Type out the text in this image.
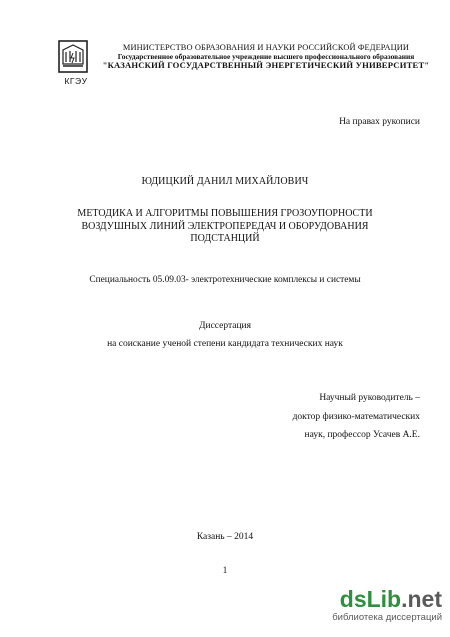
КГЭУ
МИНИСТЕРСТВО ОБРАЗОВАНИЯ И НАУКИ РОССИЙСКОЙ ФЕДЕРАЦИИ
Государственное образовательное учреждение высшего профессионального образования
"КАЗАНСКИЙ ГОСУДАРСТВЕННЫЙ ЭНЕРГЕТИЧЕСКИЙ УНИВЕРСИТЕТ"
На правах рукописи
ЮДИЦКИЙ ДАНИЛ МИХАЙЛОВИЧ
МЕТОДИКА И АЛГОРИТМЫ ПОВЫШЕНИЯ ГРОЗОУПОРНОСТИ
ВОЗДУШНЫХ ЛИНИЙ ЭЛЕКТРОПЕРЕДАЧ И ОБОРУДОВАНИЯ
ПОДСТАНЦИЙ
Специальность 05.09.03- электротехнические комплексы и системы
Диссертация
на соискание ученой степени кандидата технических наук
Научный руководитель –
доктор физико-математических
наук, профессор Усачев А.Е.
Казань – 2014
1
dsLib.net
библиотека диссертаций
